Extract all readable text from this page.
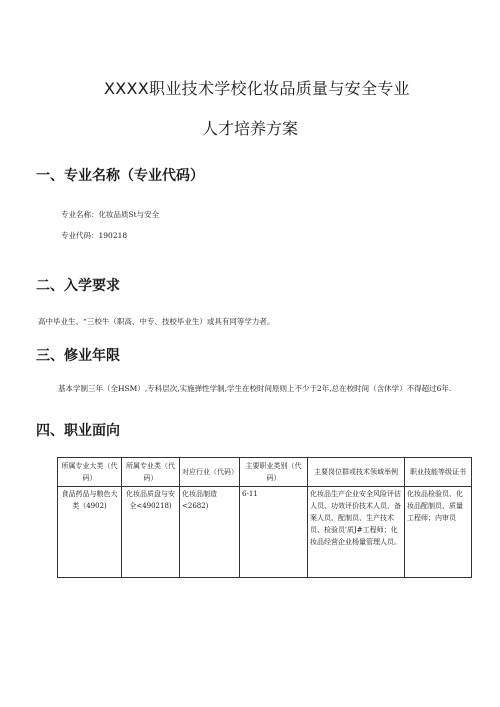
XXXX职业技术学校化妆品质量与安全专业
人才培养方案
一、专业名称（专业代码）
专业名称：化妆品质St与安全
专业代码：190218
二、入学要求
高中毕业生、“三校牛（职高、中专、技校毕业生）或具有同等学力者。
三、修业年限
基本学制三年（全HSM）,专科层次,实施弹性学制,学生在校时间原则上不少于2年,总在校时间（含休学）不得超过6年.
四、职业面向
所属专业大类（代码）	所属专业类（代码）	对应行业（代码）	主要职业类别（代码）	主要岗位群或技术领域举例	职业技能等级证书
食品药品与粮色大类（4902)	化妆品质盘与安全<490218)	化妆品制造<2682)	6-11	化妆品生产企业安全风险评估人员、功效评价技术人员、备案人员、配制员、生产技术员、检验员'质J#工程师；化妆品经营企业杨量管理人员。	化妆品检验员、化妆品配制员、质量工程师；内审员
